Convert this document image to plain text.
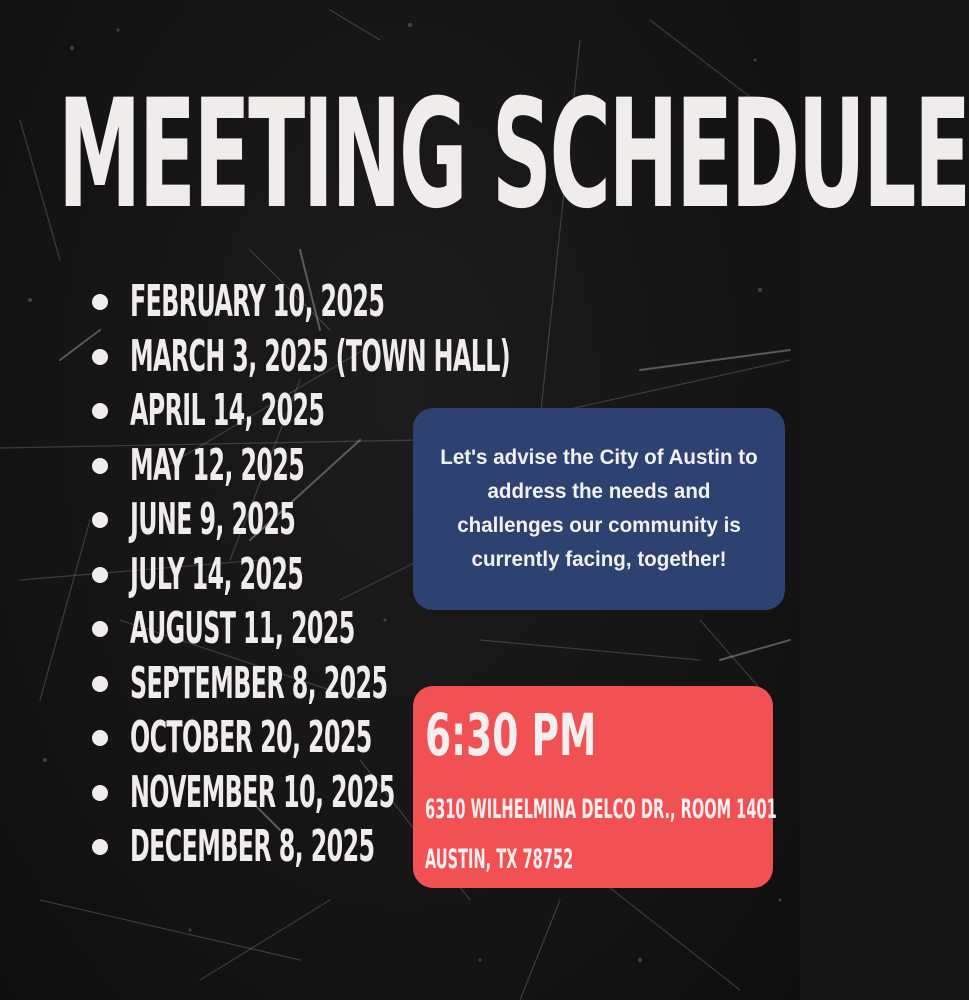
MEETING SCHEDULE
FEBRUARY 10, 2025
MARCH 3, 2025 (TOWN HALL)
APRIL 14, 2025
MAY 12, 2025
JUNE 9, 2025
JULY 14, 2025
AUGUST 11, 2025
SEPTEMBER 8, 2025
OCTOBER 20, 2025
NOVEMBER 10, 2025
DECEMBER 8, 2025

Let's advise the City of Austin to address the needs and challenges our community is currently facing, together!

6:30 PM

6310 WILHELMINA DELCO DR., ROOM 1401

AUSTIN, TX 78752
